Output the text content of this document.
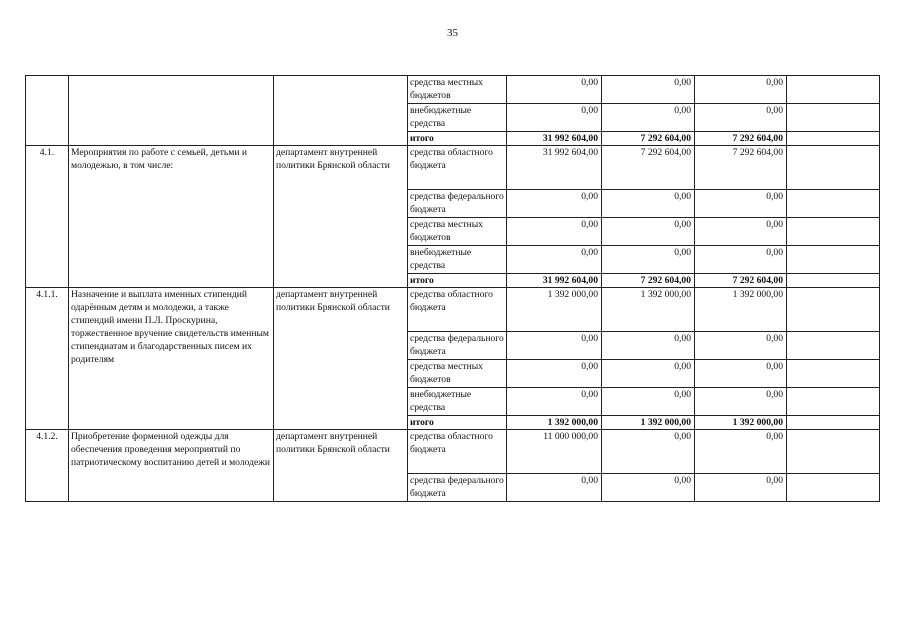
35
			средства местных бюджетов	0,00	0,00	0,00	
			внебюджетные средства	0,00	0,00	0,00	
			итого	31 992 604,00	7 292 604,00	7 292 604,00	
4.1.	Мероприятия по работе с семьей, детьми и молодежью, в том числе:	департамент внутренней политики Брянской области	средства областного бюджета	31 992 604,00	7 292 604,00	7 292 604,00	
			средства федерального бюджета	0,00	0,00	0,00	
			средства местных бюджетов	0,00	0,00	0,00	
			внебюджетные средства	0,00	0,00	0,00	
			итого	31 992 604,00	7 292 604,00	7 292 604,00	
4.1.1.	Назначение и выплата именных стипендий одарённым детям и молодежи, а также стипендий имени П.Л. Проскурина, торжественное вручение свидетельств именным стипендиатам и благодарственных писем их родителям	департамент внутренней политики Брянской области	средства областного бюджета	1 392 000,00	1 392 000,00	1 392 000,00	
			средства федерального бюджета	0,00	0,00	0,00	
			средства местных бюджетов	0,00	0,00	0,00	
			внебюджетные средства	0,00	0,00	0,00	
			итого	1 392 000,00	1 392 000,00	1 392 000,00	
4.1.2.	Приобретение форменной одежды для обеспечения проведения мероприятий по патриотическому воспитанию детей и молодежи	департамент внутренней политики Брянской области	средства областного бюджета	11 000 000,00	0,00	0,00	
			средства федерального бюджета	0,00	0,00	0,00	
